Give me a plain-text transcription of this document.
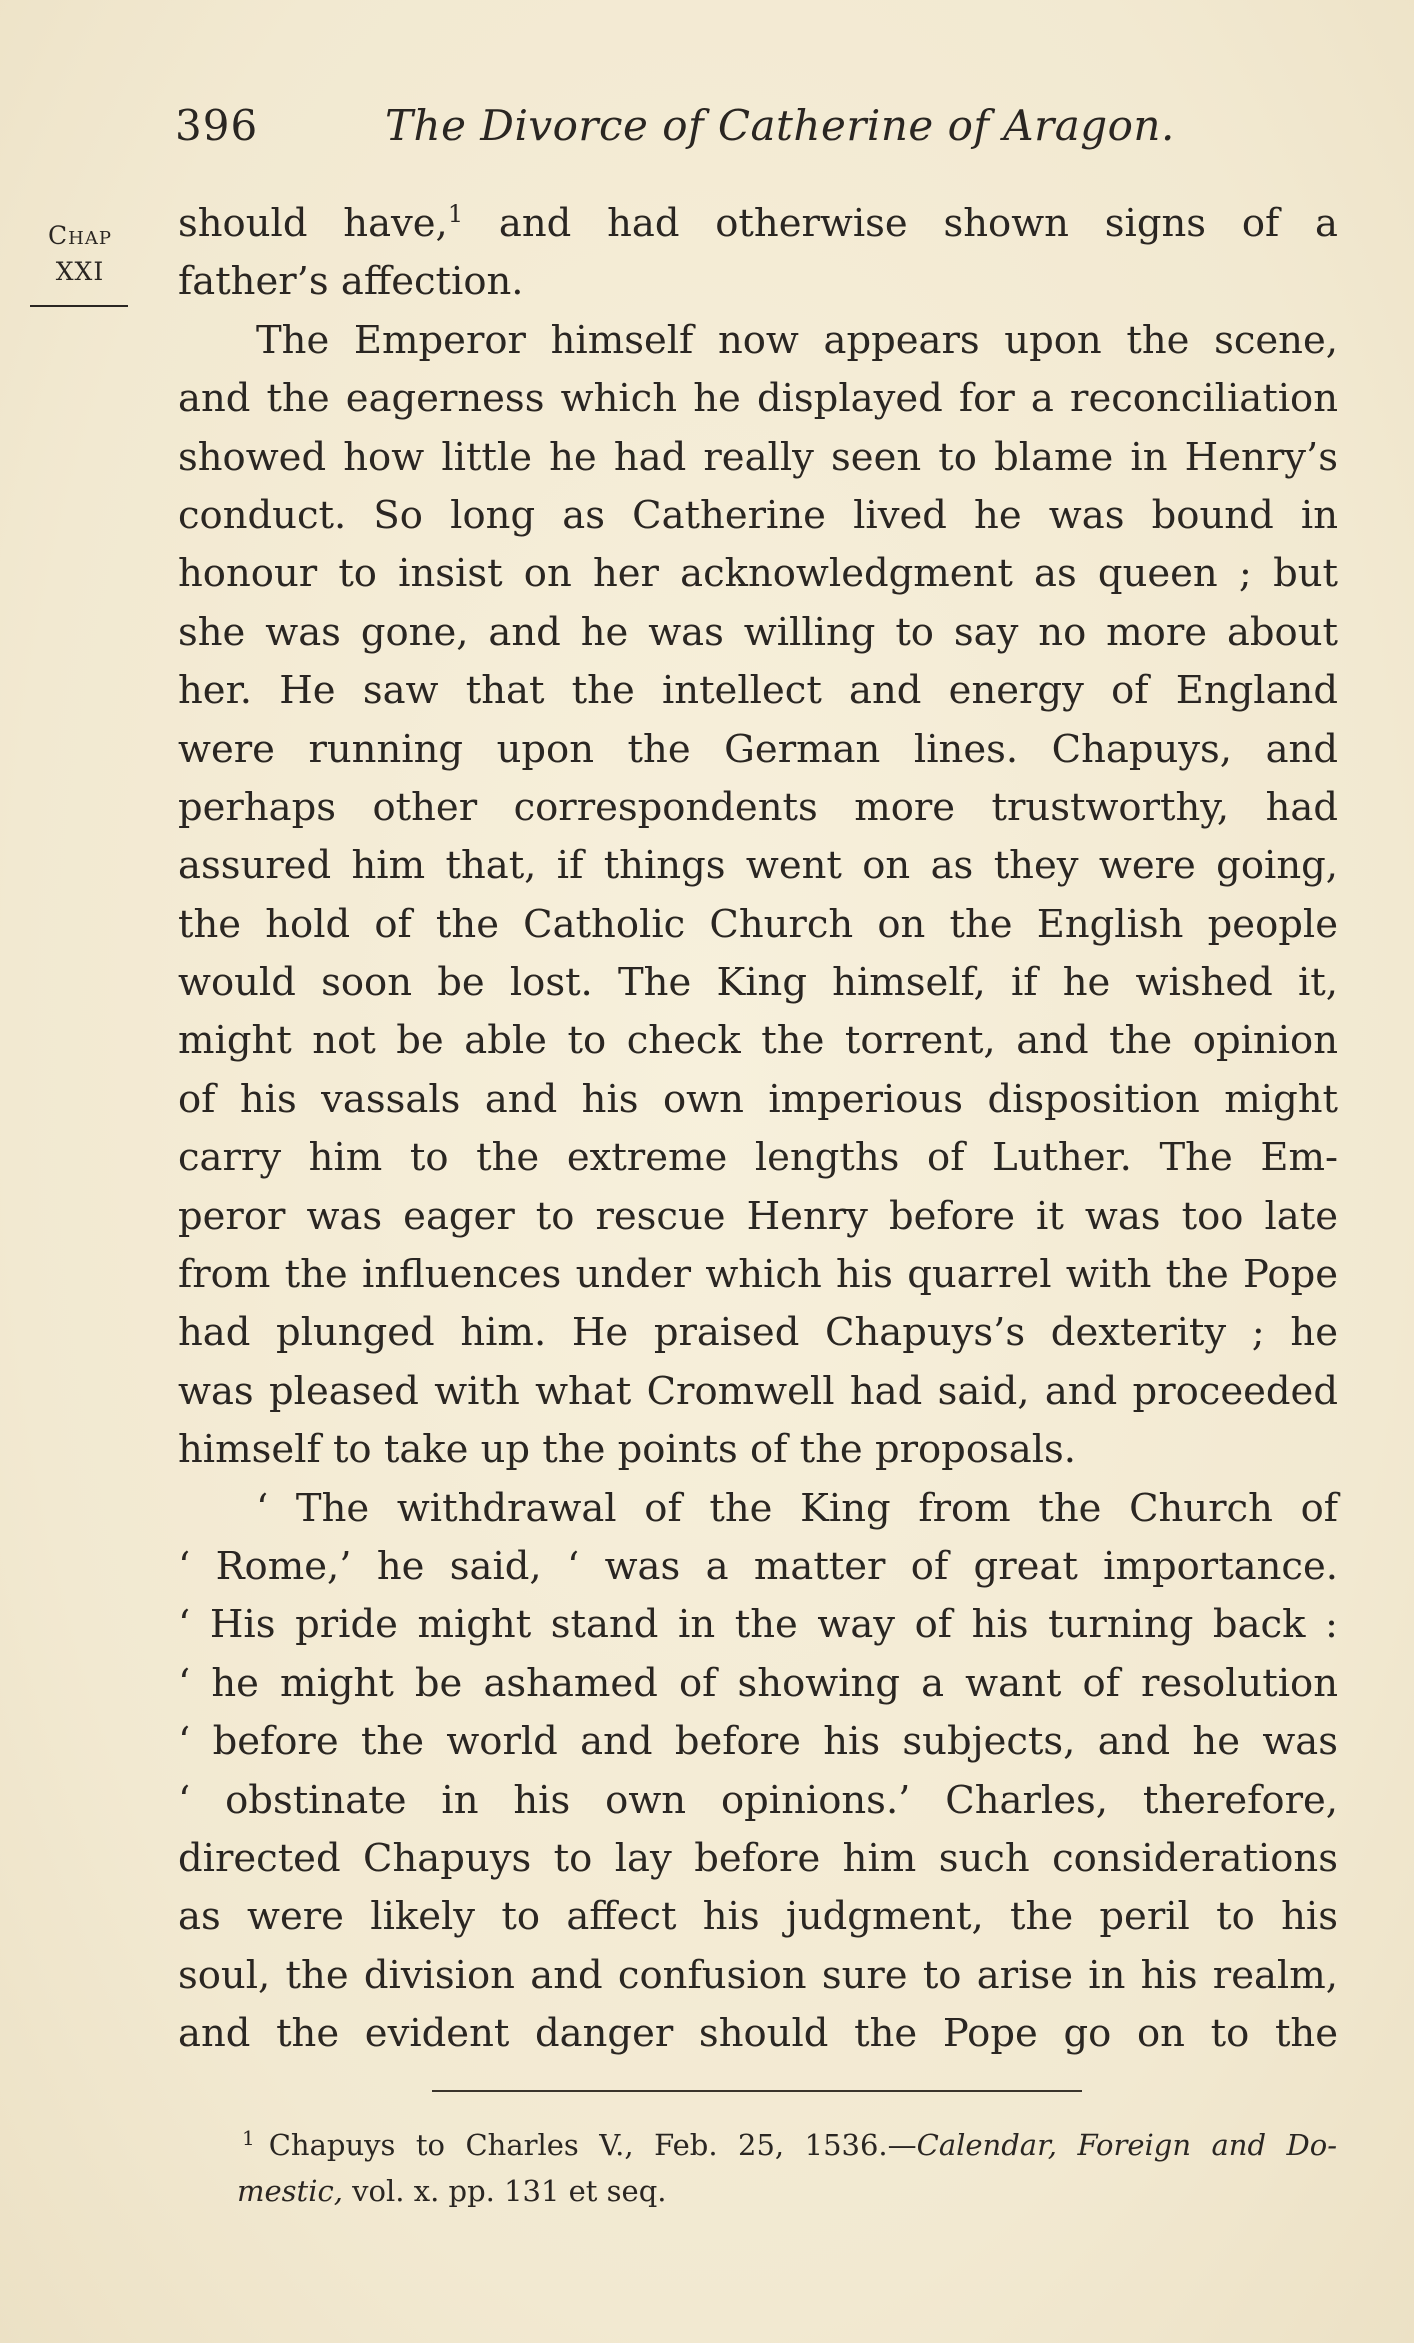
396	The Divorce of Catherine of Aragon.
Chap
XXI
should have,$^1$ and had otherwise shown signs of a
father’s affection.
The Emperor himself now appears upon the scene,
and the eagerness which he displayed for a reconciliation
showed how little he had really seen to blame in Henry’s
conduct. So long as Catherine lived he was bound in
honour to insist on her acknowledgment as queen ; but
she was gone, and he was willing to say no more about
her. He saw that the intellect and energy of England
were running upon the German lines. Chapuys, and
perhaps other correspondents more trustworthy, had
assured him that, if things went on as they were going,
the hold of the Catholic Church on the English people
would soon be lost. The King himself, if he wished it,
might not be able to check the torrent, and the opinion
of his vassals and his own imperious disposition might
carry him to the extreme lengths of Luther. The Em-
peror was eager to rescue Henry before it was too late
from the influences under which his quarrel with the Pope
had plunged him. He praised Chapuys’s dexterity ; he
was pleased with what Cromwell had said, and proceeded
himself to take up the points of the proposals.
‘ The withdrawal of the King from the Church of
‘ Rome,’ he said, ‘ was a matter of great importance.
‘ His pride might stand in the way of his turning back :
‘ he might be ashamed of showing a want of resolution
‘ before the world and before his subjects, and he was
‘ obstinate in his own opinions.’ Charles, therefore,
directed Chapuys to lay before him such considerations
as were likely to affect his judgment, the peril to his
soul, the division and confusion sure to arise in his realm,
and the evident danger should the Pope go on to the
$^1$ Chapuys to Charles V., Feb. 25, 1536.—Calendar, Foreign and Do-
mestic, vol. x. pp. 131 et seq.
